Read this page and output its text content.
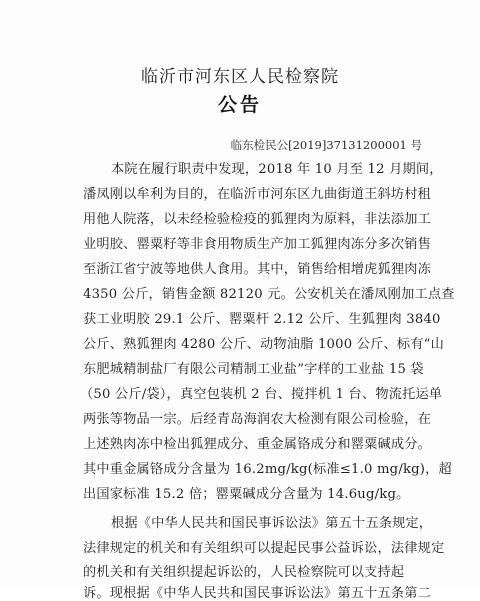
临沂市河东区人民检察院
公告
临东检民公[2019]37131200001 号
本院在履行职责中发现，2018 年 10 月至 12 月期间，
潘凤刚以牟利为目的，在临沂市河东区九曲街道王斜坊村租
用他人院落，以未经检验检疫的狐狸肉为原料，非法添加工
业明胶、罂粟籽等非食用物质生产加工狐狸肉冻分多次销售
至浙江省宁波等地供人食用。其中，销售给相增虎狐狸肉冻
4350 公斤，销售金额 82120 元。公安机关在潘凤刚加工点查
获工业明胶 29.1 公斤、罂粟杆 2.12 公斤、生狐狸肉 3840
公斤、熟狐狸肉 4280 公斤、动物油脂 1000 公斤、标有“山
东肥城精制盐厂有限公司精制工业盐”字样的工业盐 15 袋
（50 公斤/袋），真空包装机 2 台、搅拌机 1 台、物流托运单
两张等物品一宗。后经青岛海润农大检测有限公司检验，在
上述熟肉冻中检出狐狸成分、重金属铬成分和罂粟碱成分。
其中重金属铬成分含量为 16.2mg/kg(标准≤1.0 mg/kg)，超
出国家标准 15.2 倍；罂粟碱成分含量为 14.6ug/kg。
根据《中华人民共和国民事诉讼法》第五十五条规定，
法律规定的机关和有关组织可以提起民事公益诉讼，法律规定
的机关和有关组织提起诉讼的，人民检察院可以支持起
诉。现根据《中华人民共和国民事诉讼法》第五十五条第二
